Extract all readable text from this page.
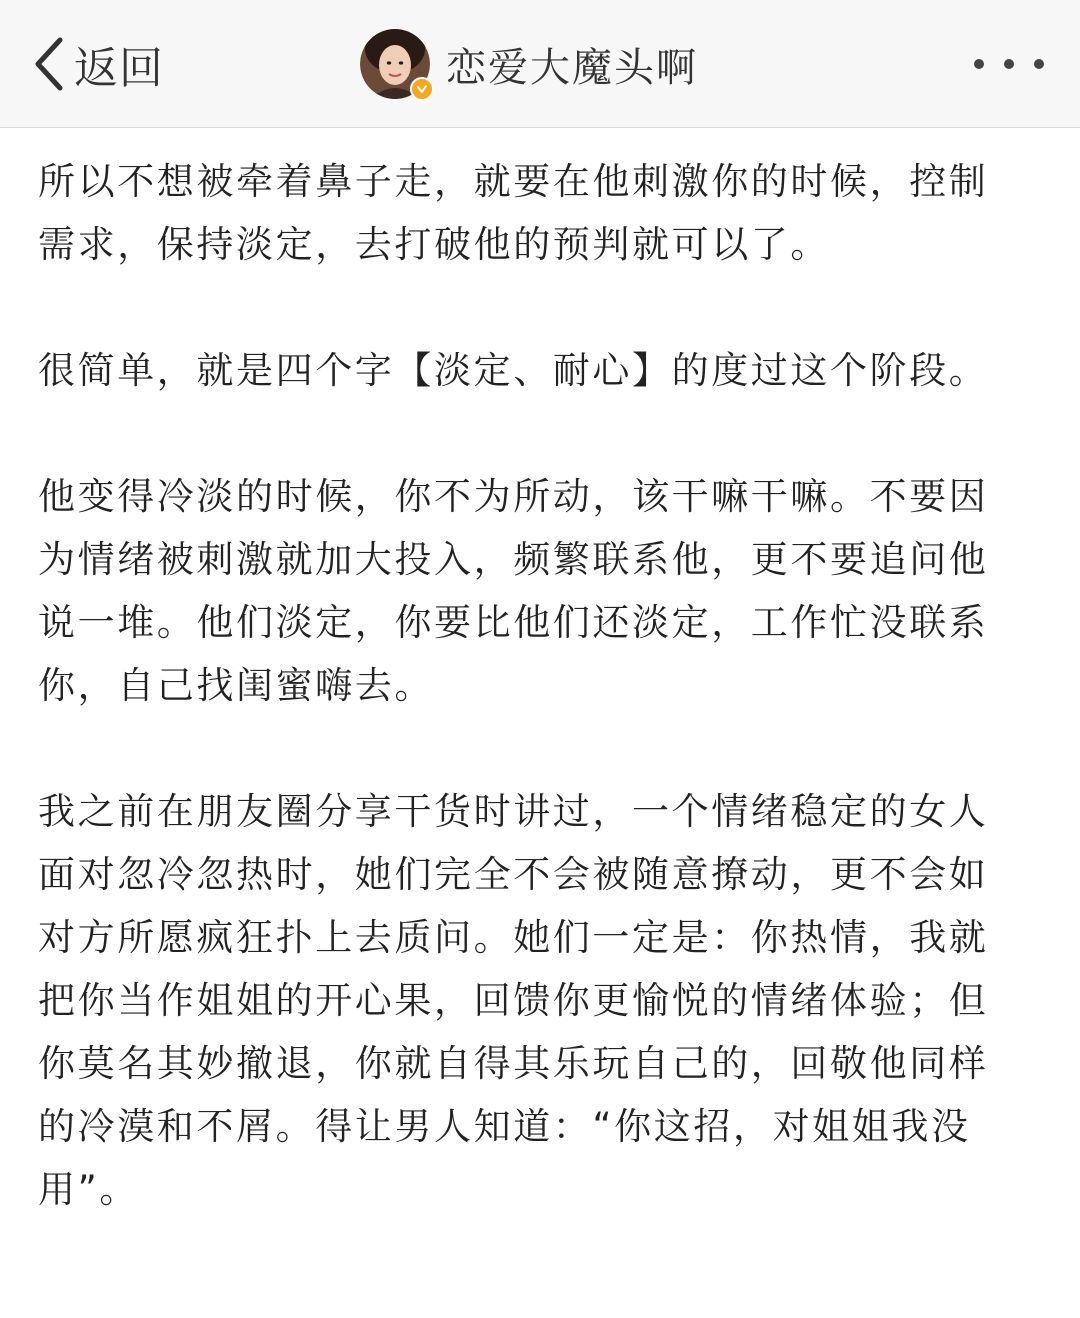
返回	恋爱大魔头啊

所以不想被牵着鼻子走，就要在他刺激你的时候，控制需求，保持淡定，去打破他的预判就可以了。

很简单，就是四个字【淡定、耐心】的度过这个阶段。

他变得冷淡的时候，你不为所动，该干嘛干嘛。不要因为情绪被刺激就加大投入，频繁联系他，更不要追问他说一堆。他们淡定，你要比他们还淡定，工作忙没联系你，自己找闺蜜嗨去。

我之前在朋友圈分享干货时讲过，一个情绪稳定的女人面对忽冷忽热时，她们完全不会被随意撩动，更不会如对方所愿疯狂扑上去质问。她们一定是：你热情，我就把你当作姐姐的开心果，回馈你更愉悦的情绪体验；但你莫名其妙撤退，你就自得其乐玩自己的，回敬他同样的冷漠和不屑。得让男人知道：“你这招，对姐姐我没用”。
